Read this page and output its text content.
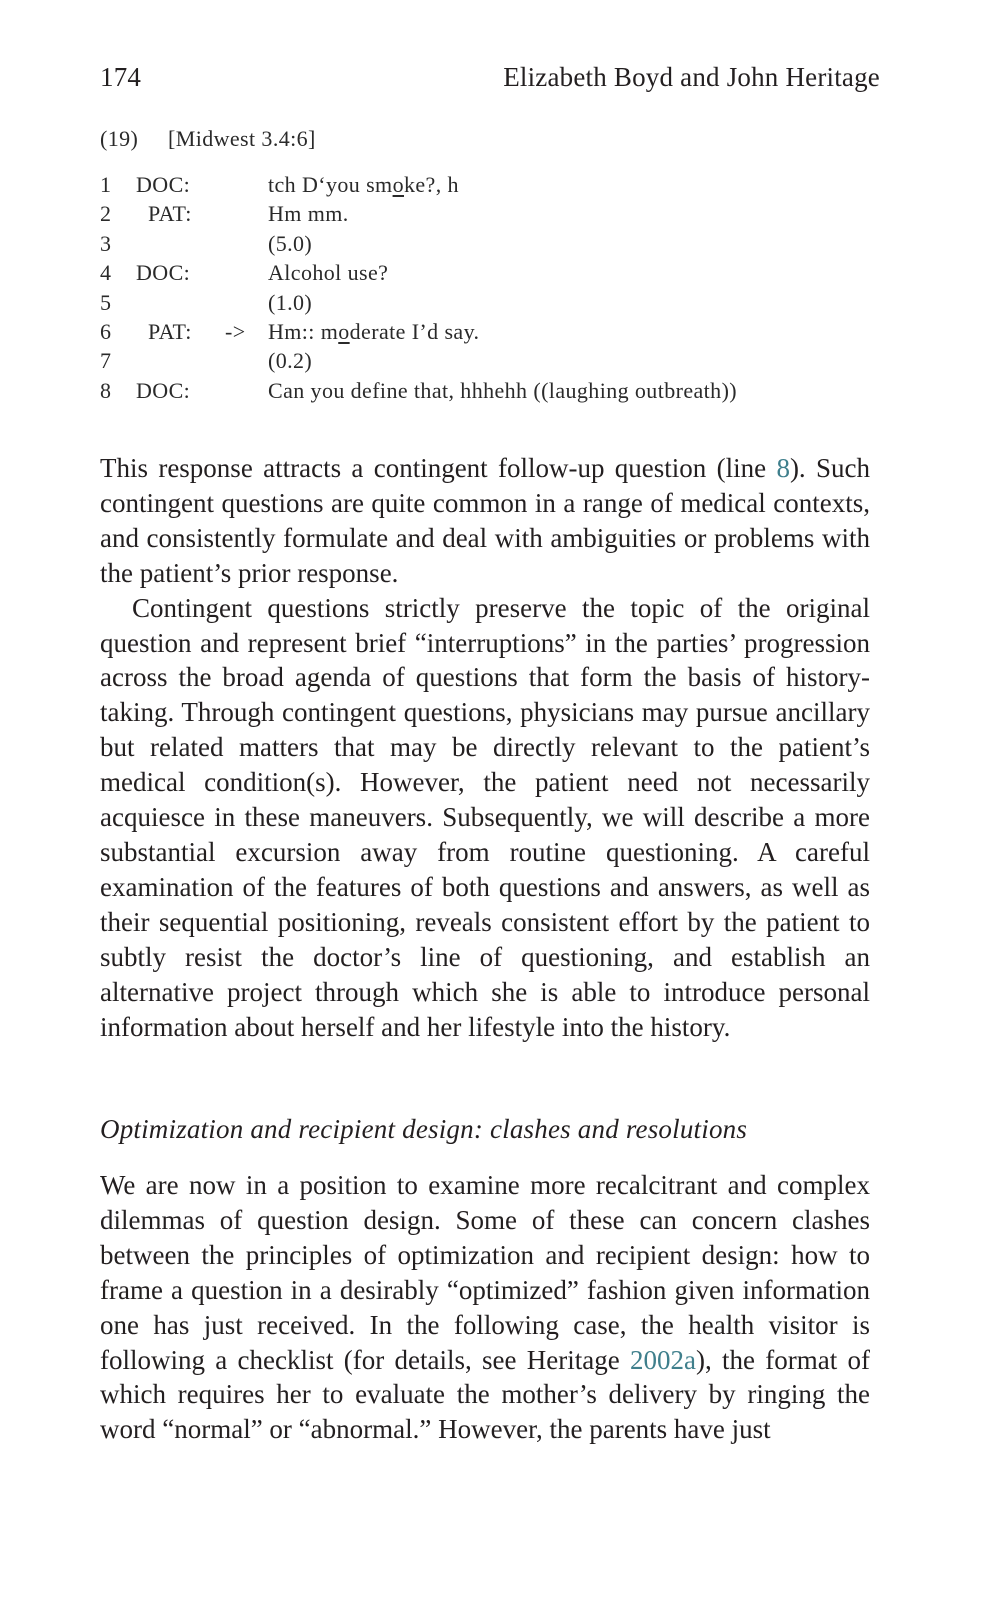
174	Elizabeth Boyd and John Heritage
(19) [Midwest 3.4:6]
1 DOC:	tch D‘you smoke?, h
2 PAT:	Hm mm.
3	(5.0)
4 DOC:	Alcohol use?
5	(1.0)
6 PAT: -> Hm:: moderate I’d say.
7	(0.2)
8 DOC:	Can you define that, hhhehh ((laughing outbreath))

This response attracts a contingent follow-up question (line 8). Such contingent questions are quite common in a range of medical contexts, and consistently formulate and deal with ambiguities or problems with the patient’s prior response.

Contingent questions strictly preserve the topic of the original question and represent brief “interruptions” in the parties’ progression across the broad agenda of questions that form the basis of history-taking. Through contingent questions, physicians may pursue ancillary but related matters that may be directly relevant to the patient’s medical condition(s). However, the patient need not necessarily acquiesce in these maneuvers. Subsequently, we will describe a more substantial excursion away from routine questioning. A careful examination of the features of both questions and answers, as well as their sequential positioning, reveals consistent effort by the patient to subtly resist the doctor’s line of questioning, and establish an alternative project through which she is able to introduce personal information about herself and her lifestyle into the history.

Optimization and recipient design: clashes and resolutions

We are now in a position to examine more recalcitrant and complex dilemmas of question design. Some of these can concern clashes between the principles of optimization and recipient design: how to frame a question in a desirably “optimized” fashion given information one has just received. In the following case, the health visitor is following a checklist (for details, see Heritage 2002a), the format of which requires her to evaluate the mother’s delivery by ringing the word “normal” or “abnormal.” However, the parents have just
